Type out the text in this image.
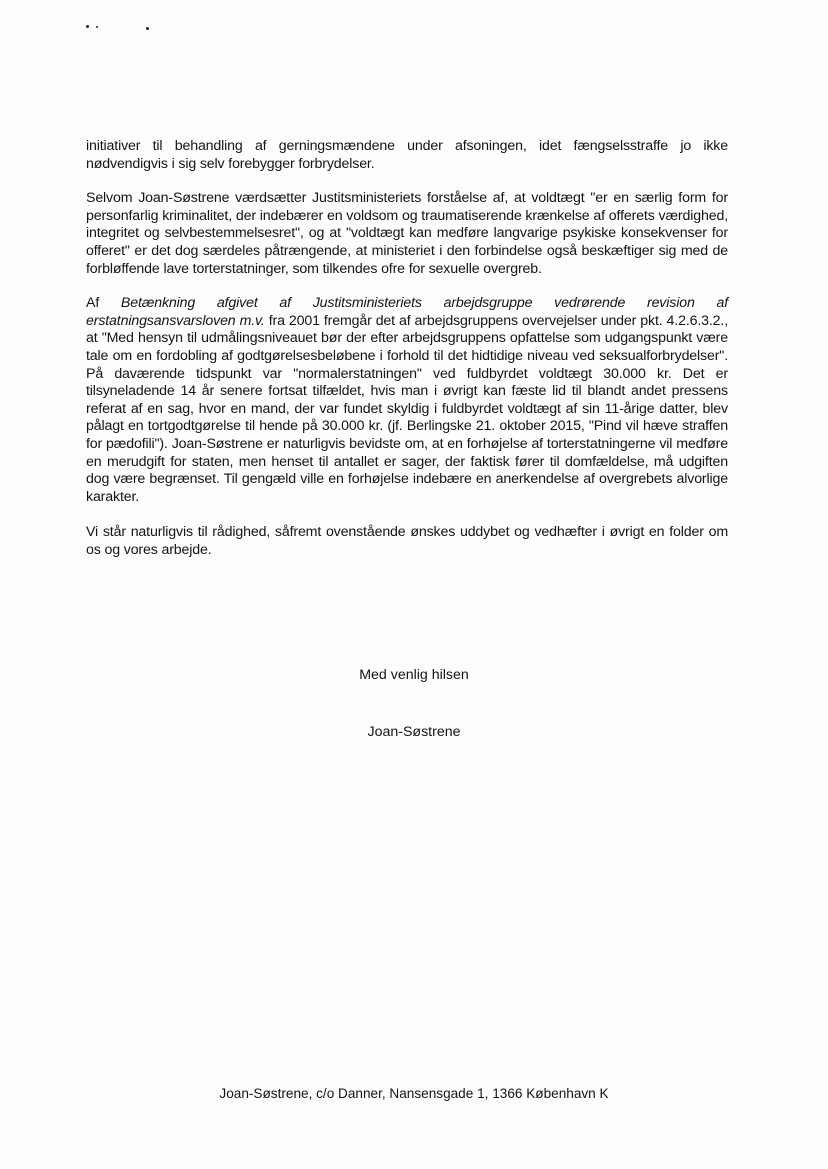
initiativer til behandling af gerningsmændene under afsoningen, idet fængselsstraffe jo ikke nødvendigvis i sig selv forebygger forbrydelser.

Selvom Joan-Søstrene værdsætter Justitsministeriets forståelse af, at voldtægt "er en særlig form for personfarlig kriminalitet, der indebærer en voldsom og traumatiserende krænkelse af offerets værdighed, integritet og selvbestemmelsesret", og at "voldtægt kan medføre langvarige psykiske konsekvenser for offeret" er det dog særdeles påtrængende, at ministeriet i den forbindelse også beskæftiger sig med de forbløffende lave torterstatninger, som tilkendes ofre for sexuelle overgreb.

Af Betænkning afgivet af Justitsministeriets arbejdsgruppe vedrørende revision af erstatningsansvarsloven m.v. fra 2001 fremgår det af arbejdsgruppens overvejelser under pkt. 4.2.6.3.2., at "Med hensyn til udmålingsniveauet bør der efter arbejdsgruppens opfattelse som udgangspunkt være tale om en fordobling af godtgørelsesbeløbene i forhold til det hidtidige niveau ved seksualforbrydelser". På daværende tidspunkt var "normalerstatningen" ved fuldbyrdet voldtægt 30.000 kr. Det er tilsyneladende 14 år senere fortsat tilfældet, hvis man i øvrigt kan fæste lid til blandt andet pressens referat af en sag, hvor en mand, der var fundet skyldig i fuldbyrdet voldtægt af sin 11-årige datter, blev pålagt en tortgodtgørelse til hende på 30.000 kr. (jf. Berlingske 21. oktober 2015, "Pind vil hæve straffen for pædofili"). Joan-Søstrene er naturligvis bevidste om, at en forhøjelse af torterstatningerne vil medføre en merudgift for staten, men henset til antallet er sager, der faktisk fører til domfældelse, må udgiften dog være begrænset. Til gengæld ville en forhøjelse indebære en anerkendelse af overgrebets alvorlige karakter.

Vi står naturligvis til rådighed, såfremt ovenstående ønskes uddybet og vedhæfter i øvrigt en folder om os og vores arbejde.

Med venlig hilsen
Joan-Søstrene
Joan-Søstrene, c/o Danner, Nansensgade 1, 1366 København K
